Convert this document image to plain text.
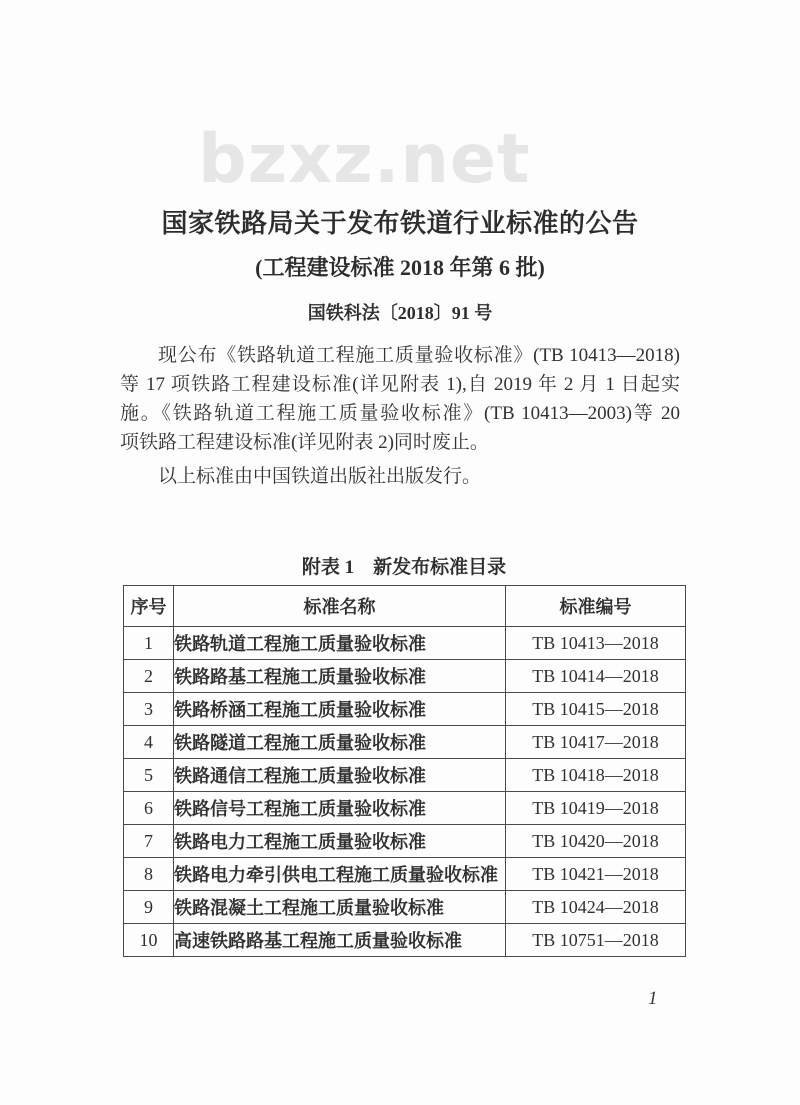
bzxz.net
国家铁路局关于发布铁道行业标准的公告
(工程建设标准 2018 年第 6 批)
国铁科法〔2018〕91 号
现公布《铁路轨道工程施工质量验收标准》(TB 10413—2018)
等 17 项铁路工程建设标准(详见附表 1),自 2019 年 2 月 1 日起实
施。《铁路轨道工程施工质量验收标准》(TB 10413—2003)等 20
项铁路工程建设标准(详见附表 2)同时废止。
以上标准由中国铁道出版社出版发行。
附表 1　新发布标准目录
序号	标准名称	标准编号
1	铁路轨道工程施工质量验收标准	TB 10413—2018
2	铁路路基工程施工质量验收标准	TB 10414—2018
3	铁路桥涵工程施工质量验收标准	TB 10415—2018
4	铁路隧道工程施工质量验收标准	TB 10417—2018
5	铁路通信工程施工质量验收标准	TB 10418—2018
6	铁路信号工程施工质量验收标准	TB 10419—2018
7	铁路电力工程施工质量验收标准	TB 10420—2018
8	铁路电力牵引供电工程施工质量验收标准	TB 10421—2018
9	铁路混凝土工程施工质量验收标准	TB 10424—2018
10	高速铁路路基工程施工质量验收标准	TB 10751—2018
1
